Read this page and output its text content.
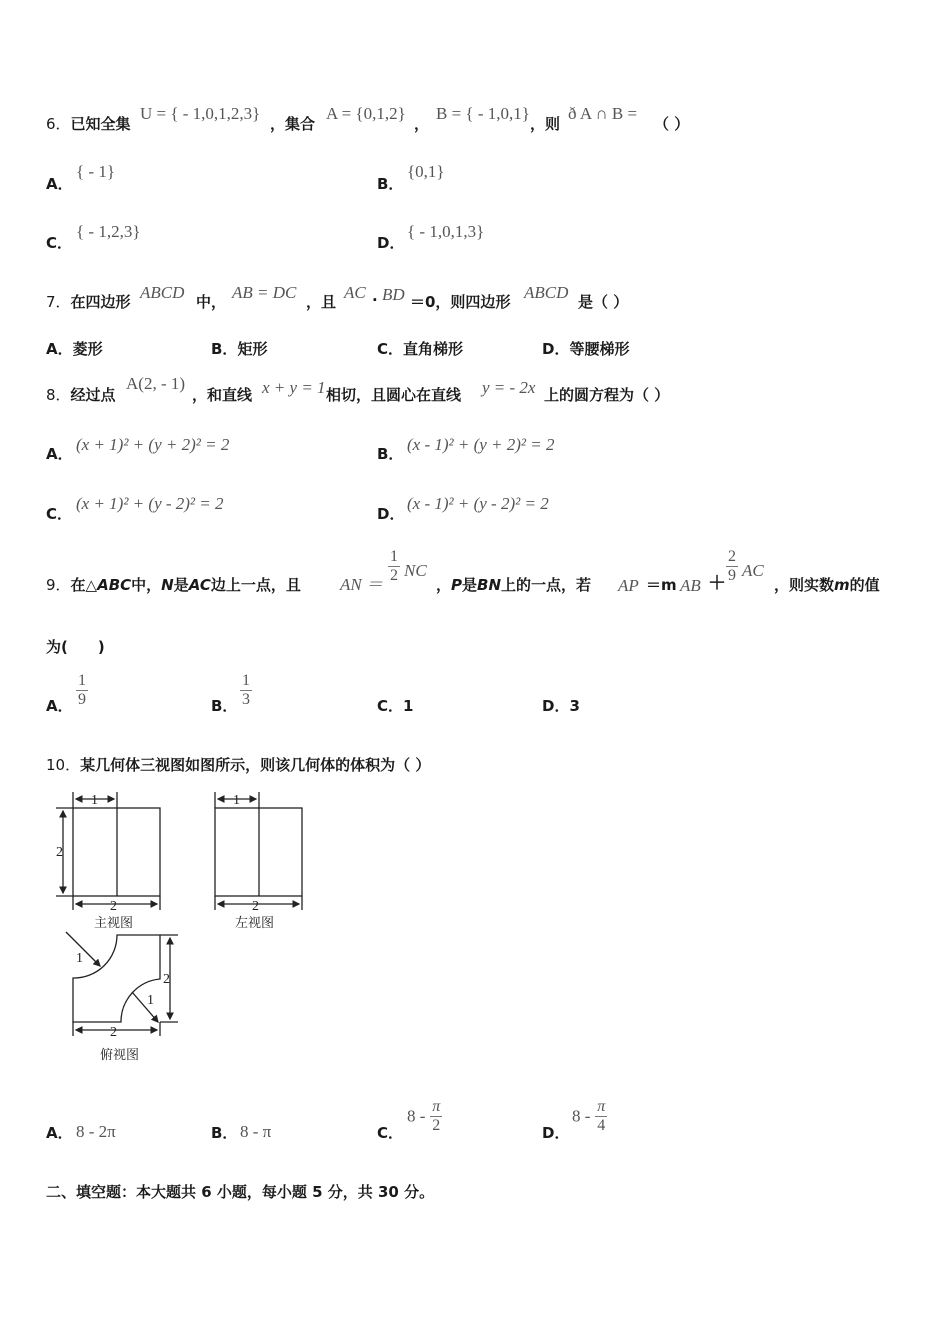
6．已知全集
U = { - 1,0,1,2,3}
，集合
A = {0,1,2}
，
B = { - 1,0,1}
，则
ð A ∩ B =
（ ）
A．
{ - 1}
B．
{0,1}
C．
{ - 1,2,3}
D．
{ - 1,0,1,3}
7．在四边形 ABCD 中， AB = DC ，且 AC · BD ＝0，则四边形 ABCD 是（ ）
A．菱形	B．矩形	C．直角梯形	D．等腰梯形
8．经过点
A(2, - 1)
，和直线 x + y = 1 相切，且圆心在直线 y = - 2x 上的圆方程为（ ）
A． (x + 1)² + (y + 2)² = 2	B． (x - 1)² + (y + 2)² = 2
C．
(x + 1)² + (y - 2)² = 2
D．
(x - 1)² + (y - 2)² = 2
9．在△ABC中，N是AC边上一点，且 AN ＝ $\frac{1}{2}$ NC
，P是BN上的一点，若 AP ＝m AB ＋ $\frac{2}{9}$ AC
，则实数m的值
为(　　)
A． $\frac{1}{9}$	B． $\frac{1}{3}$	C．1	D．3
10．某几何体三视图如图所示，则该几何体的体积为（ ）
1
2
2
1
2
2
2
1
1
主视图	左视图
俯视图
A． 8 - 2π	B． 8 - π	C．
$8 - \frac{\pi}{2}$	D．
$8 - \frac{\pi}{4}$
二、填空题：本大题共 6 小题，每小题 5 分，共 30 分。
